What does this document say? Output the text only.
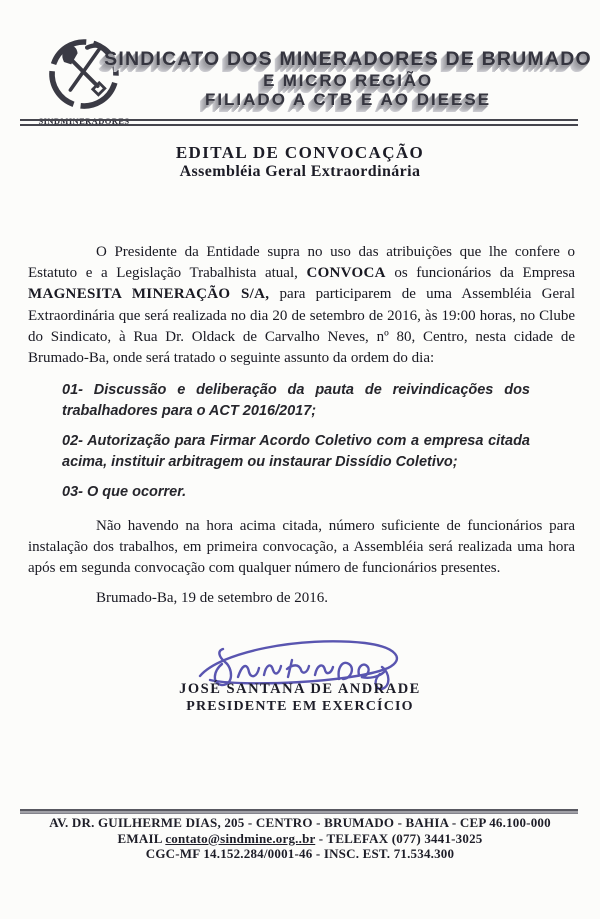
SINDMINERADORES
SINDICATO DOS MINERADORES DE BRUMADO
E MICRO REGIÃO
FILIADO A CTB E AO DIEESE
EDITAL DE CONVOCAÇÃO
Assembléia Geral Extraordinária

O Presidente da Entidade supra no uso das atribuições que lhe confere o Estatuto e a Legislação Trabalhista atual, CONVOCA os funcionários da Empresa MAGNESITA MINERAÇÃO S/A, para participarem de uma Assembléia Geral Extraordinária que será realizada no dia 20 de setembro de 2016, às 19:00 horas, no Clube do Sindicato, à Rua Dr. Oldack de Carvalho Neves, nº 80, Centro, nesta cidade de Brumado-Ba, onde será tratado o seguinte assunto da ordem do dia:

01- Discussão e deliberação da pauta de reivindicações dos trabalhadores para o ACT 2016/2017;

02- Autorização para Firmar Acordo Coletivo com a empresa citada acima, instituir arbitragem ou instaurar Dissídio Coletivo;

03- O que ocorrer.

Não havendo na hora acima citada, número suficiente de funcionários para instalação dos trabalhos, em primeira convocação, a Assembléia será realizada uma hora após em segunda convocação com qualquer número de funcionários presentes.

Brumado-Ba, 19 de setembro de 2016.
JOSÉ SANTANA DE ANDRADE
PRESIDENTE EM EXERCÍCIO
AV. DR. GUILHERME DIAS, 205 - CENTRO - BRUMADO - BAHIA - CEP 46.100-000
EMAIL contato@sindmine.org..br - TELEFAX (077) 3441-3025
CGC-MF 14.152.284/0001-46 - INSC. EST. 71.534.300
